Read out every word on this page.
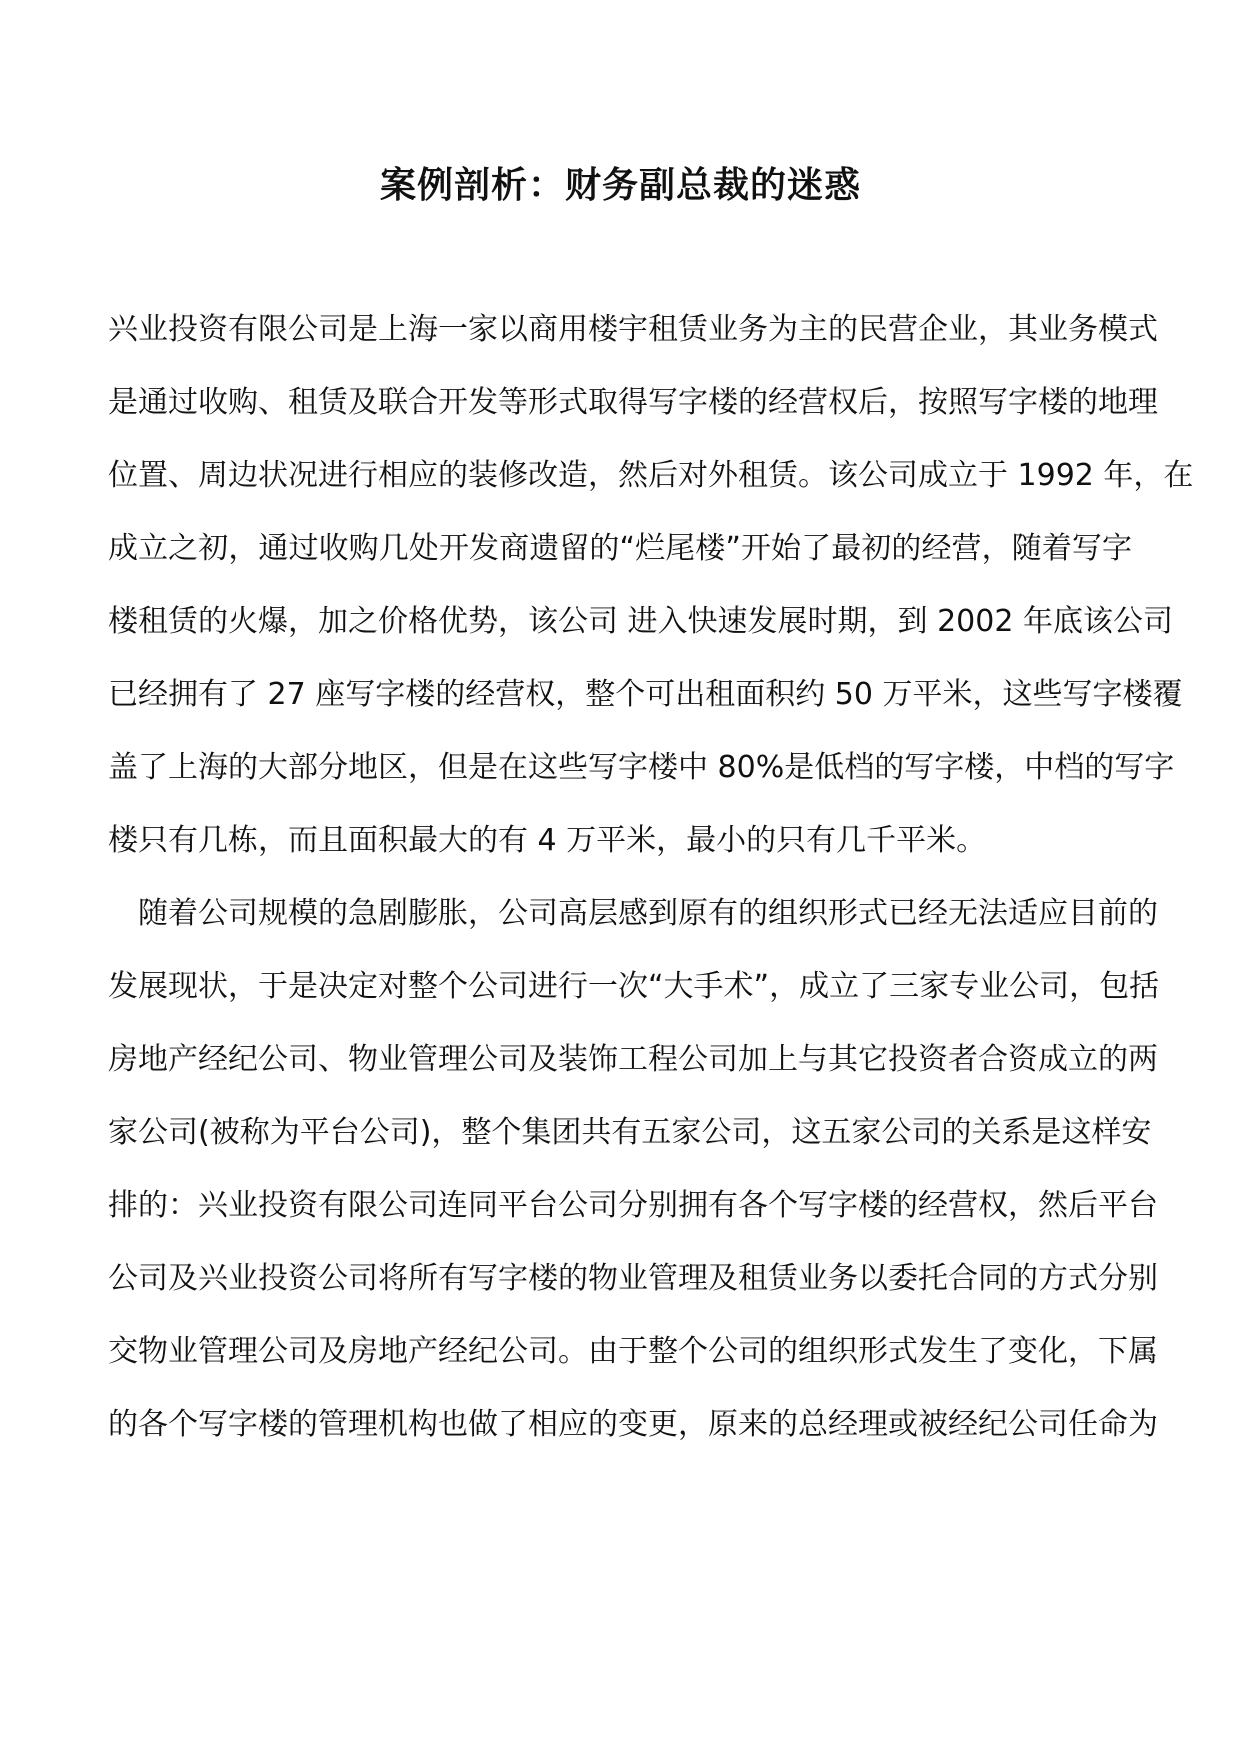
案例剖析：财务副总裁的迷惑
兴业投资有限公司是上海一家以商用楼宇租赁业务为主的民营企业，其业务模式
是通过收购、租赁及联合开发等形式取得写字楼的经营权后，按照写字楼的地理
位置、周边状况进行相应的装修改造，然后对外租赁。该公司成立于 1992 年，在
成立之初，通过收购几处开发商遗留的“烂尾楼”开始了最初的经营，随着写字
楼租赁的火爆，加之价格优势，该公司 进入快速发展时期，到 2002 年底该公司
已经拥有了 27 座写字楼的经营权，整个可出租面积约 50 万平米，这些写字楼覆
盖了上海的大部分地区，但是在这些写字楼中 80%是低档的写字楼，中档的写字
楼只有几栋，而且面积最大的有 4 万平米，最小的只有几千平米。
随着公司规模的急剧膨胀，公司高层感到原有的组织形式已经无法适应目前的
发展现状，于是决定对整个公司进行一次“大手术”，成立了三家专业公司，包括
房地产经纪公司、物业管理公司及装饰工程公司加上与其它投资者合资成立的两
家公司(被称为平台公司)，整个集团共有五家公司，这五家公司的关系是这样安
排的：兴业投资有限公司连同平台公司分别拥有各个写字楼的经营权，然后平台
公司及兴业投资公司将所有写字楼的物业管理及租赁业务以委托合同的方式分别
交物业管理公司及房地产经纪公司。由于整个公司的组织形式发生了变化，下属
的各个写字楼的管理机构也做了相应的变更，原来的总经理或被经纪公司任命为
